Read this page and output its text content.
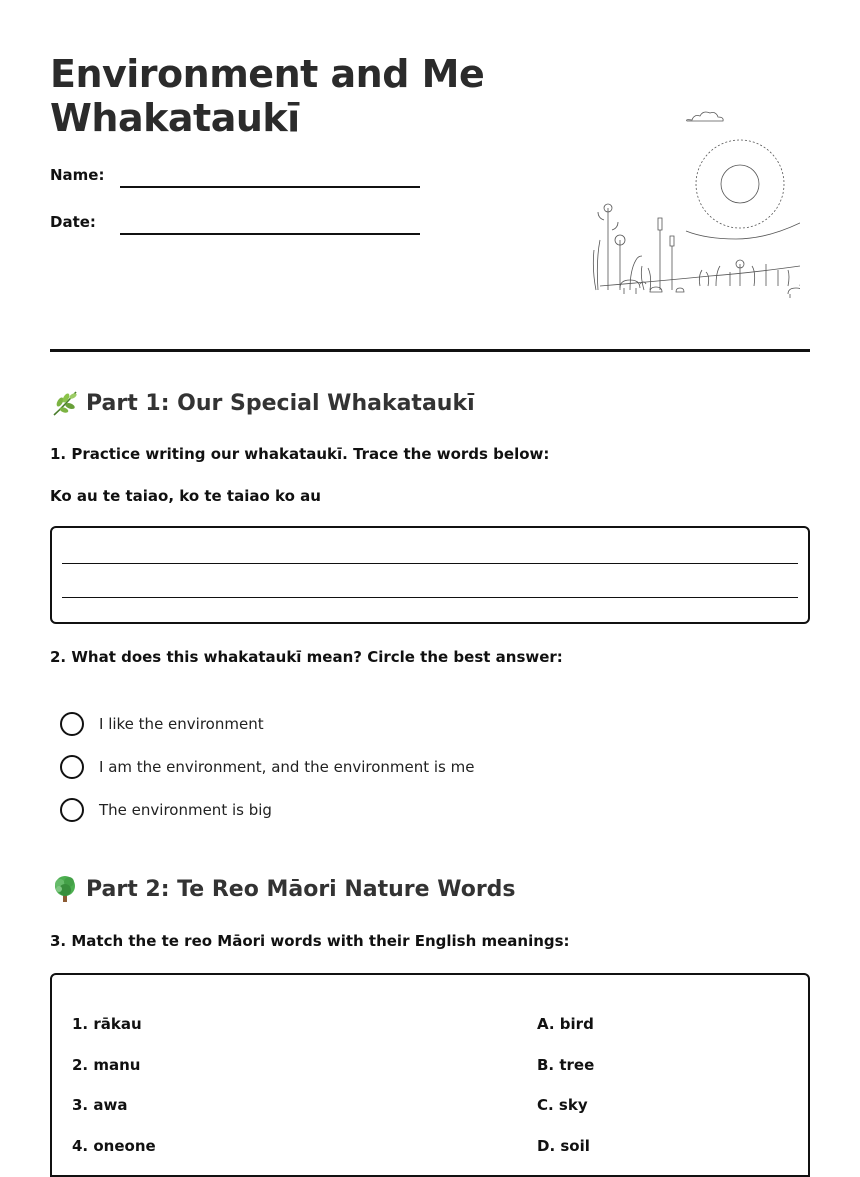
Environment and Me
Whakataukī
Name:
Date:
Part 1: Our Special Whakataukī
1. Practice writing our whakataukī. Trace the words below:
Ko au te taiao, ko te taiao ko au
2. What does this whakataukī mean? Circle the best answer:
I like the environment
I am the environment, and the environment is me
The environment is big
Part 2: Te Reo Māori Nature Words
3. Match the te reo Māori words with their English meanings:
1. rākau
2. manu
3. awa
4. oneone
A. bird
B. tree
C. sky
D. soil
